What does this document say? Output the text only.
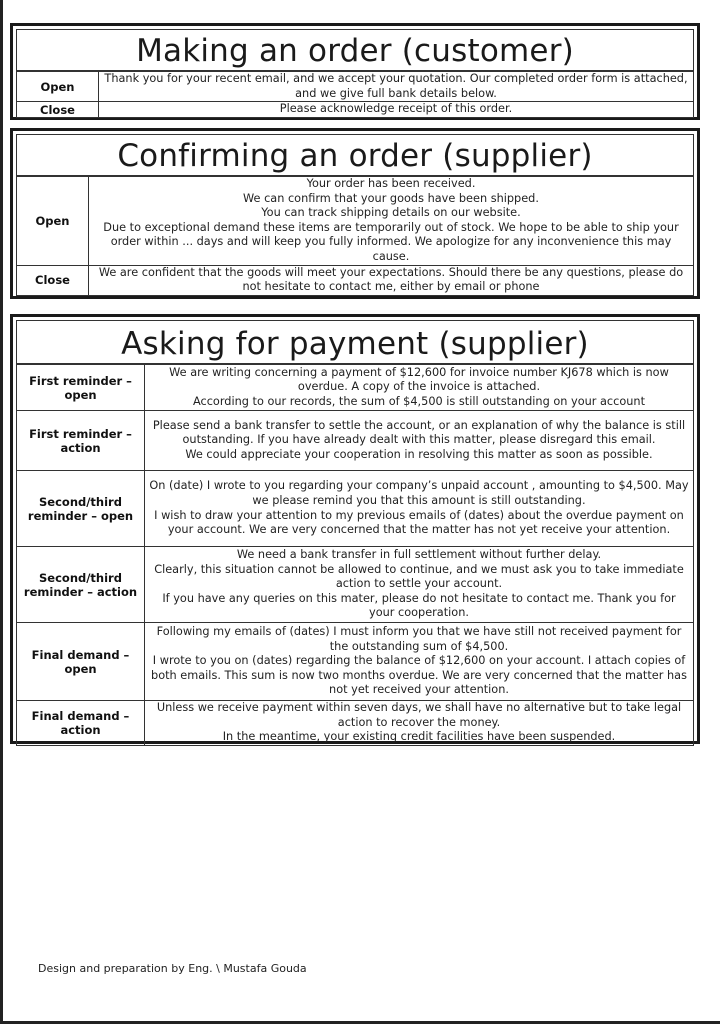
Making an order (customer)
Open	Thank you for your recent email, and we accept your quotation. Our completed order form is attached, and we give full bank details below.
Close	Please acknowledge receipt of this order.
Confirming an order (supplier)
Open	Your order has been received.
We can confirm that your goods have been shipped.
You can track shipping details on our website.
Due to exceptional demand these items are temporarily out of stock. We hope to be able to ship your order within ... days and will keep you fully informed. We apologize for any inconvenience this may cause.

Close	We are confident that the goods will meet your expectations. Should there be any questions, please do not hesitate to contact me, either by email or phone
Asking for payment (supplier)
First reminder – open	We are writing concerning a payment of $12,600 for invoice number KJ678 which is now overdue. A copy of the invoice is attached.
According to our records, the sum of $4,500 is still outstanding on your account

First reminder – action	Please send a bank transfer to settle the account, or an explanation of why the balance is still outstanding. If you have already dealt with this matter, please disregard this email.
We could appreciate your cooperation in resolving this matter as soon as possible.

Second/third reminder – open	On (date) I wrote to you regarding your company’s unpaid account , amounting to $4,500. May we please remind you that this amount is still outstanding.
I wish to draw your attention to my previous emails of (dates) about the overdue payment on your account. We are very concerned that the matter has not yet receive your attention.

Second/third reminder – action	We need a bank transfer in full settlement without further delay.
Clearly, this situation cannot be allowed to continue, and we must ask you to take immediate action to settle your account.
If you have any queries on this mater, please do not hesitate to contact me. Thank you for your cooperation.

Final demand – open	Following my emails of (dates) I must inform you that we have still not received payment for the outstanding sum of $4,500.
I wrote to you on (dates) regarding the balance of $12,600 on your account. I attach copies of both emails. This sum is now two months overdue. We are very concerned that the matter has not yet received your attention.

Final demand – action	Unless we receive payment within seven days, we shall have no alternative but to take legal action to recover the money.
In the meantime, your existing credit facilities have been suspended.
Design and preparation by Eng. \ Mustafa Gouda
